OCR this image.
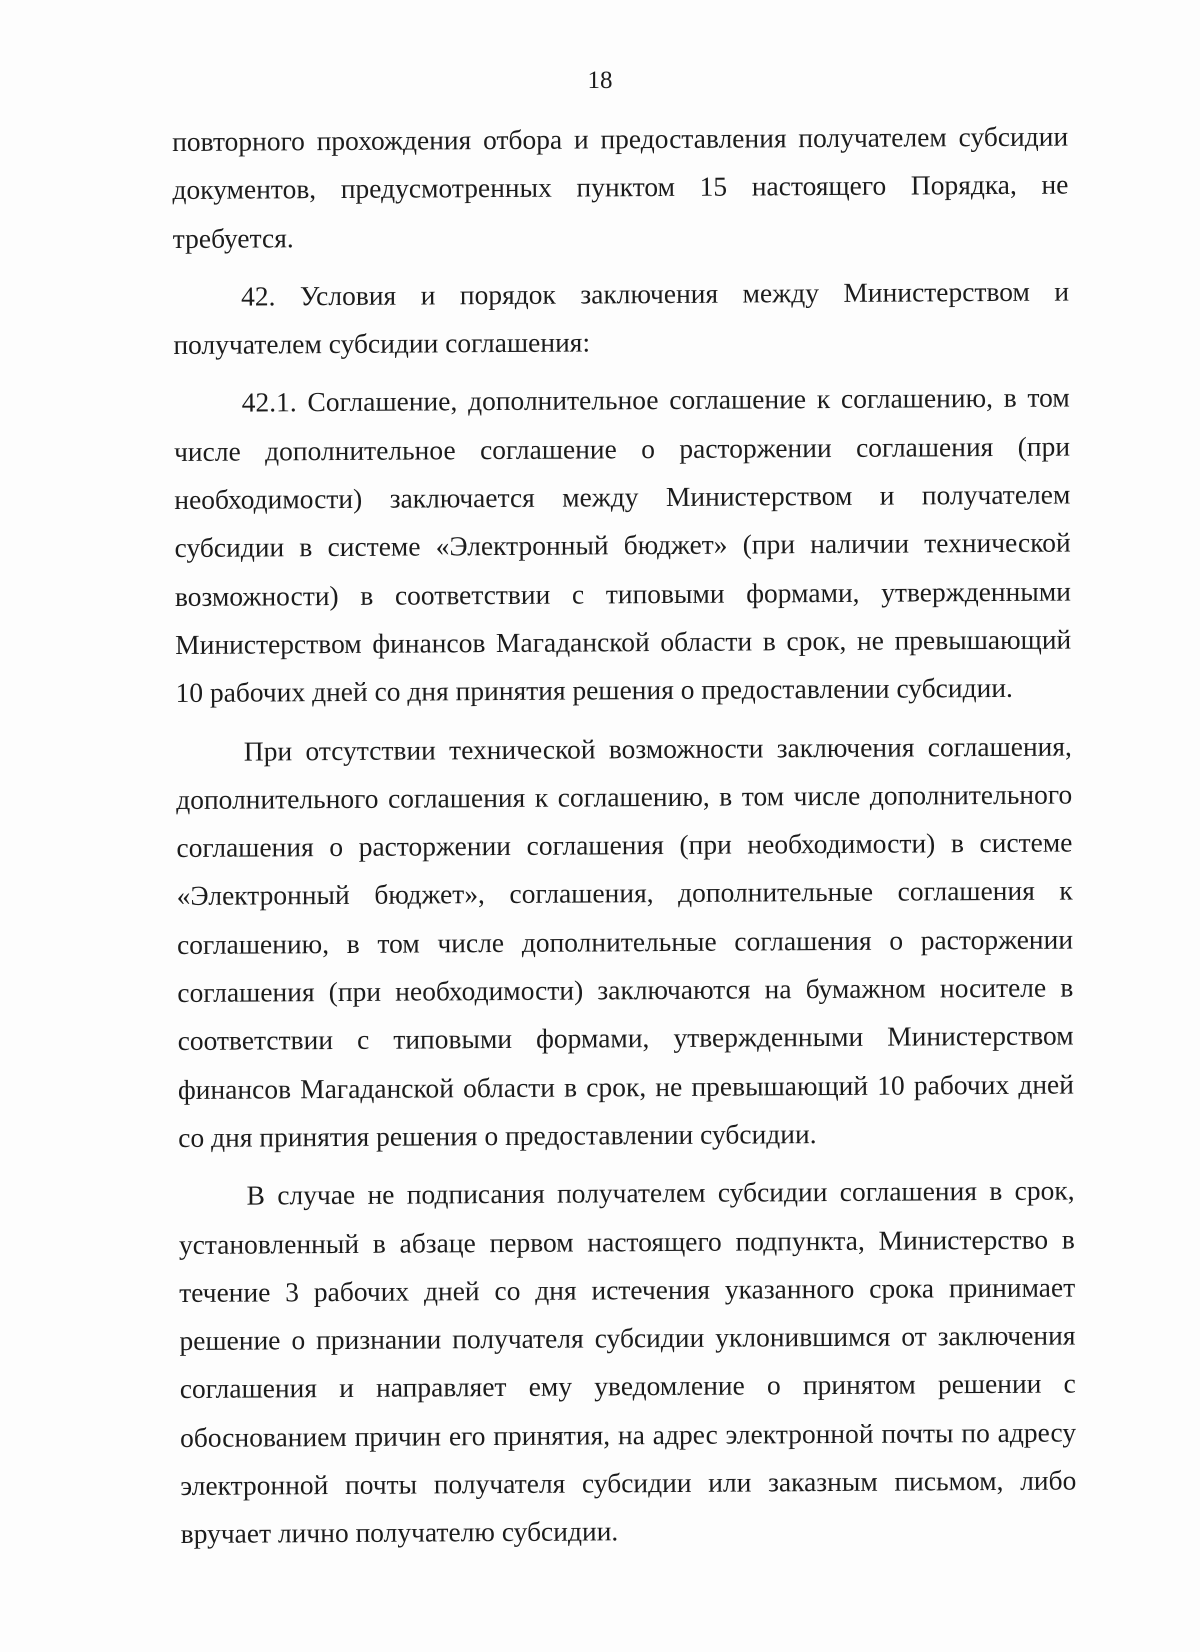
18

повторного прохождения отбора и предоставления получателем субсидии документов, предусмотренных пунктом 15 настоящего Порядка, не требуется.

42. Условия и порядок заключения между Министерством и получателем субсидии соглашения:

42.1. Соглашение, дополнительное соглашение к соглашению, в том числе дополнительное соглашение о расторжении соглашения (при необходимости) заключается между Министерством и получателем субсидии в системе «Электронный бюджет» (при наличии технической возможности) в соответствии с типовыми формами, утвержденными Министерством финансов Магаданской области в срок, не превышающий 10 рабочих дней со дня принятия решения о предоставлении субсидии.

При отсутствии технической возможности заключения соглашения, дополнительного соглашения к соглашению, в том числе дополнительного соглашения о расторжении соглашения (при необходимости) в системе «Электронный бюджет», соглашения, дополнительные соглашения к соглашению, в том числе дополнительные соглашения о расторжении соглашения (при необходимости) заключаются на бумажном носителе в соответствии с типовыми формами, утвержденными Министерством финансов Магаданской области в срок, не превышающий 10 рабочих дней со дня принятия решения о предоставлении субсидии.

В случае не подписания получателем субсидии соглашения в срок, установленный в абзаце первом настоящего подпункта, Министерство в течение 3 рабочих дней со дня истечения указанного срока принимает решение о признании получателя субсидии уклонившимся от заключения соглашения и направляет ему уведомление о принятом решении с обоснованием причин его принятия, на адрес электронной почты по адресу электронной почты получателя субсидии или заказным письмом, либо вручает лично получателю субсидии.
